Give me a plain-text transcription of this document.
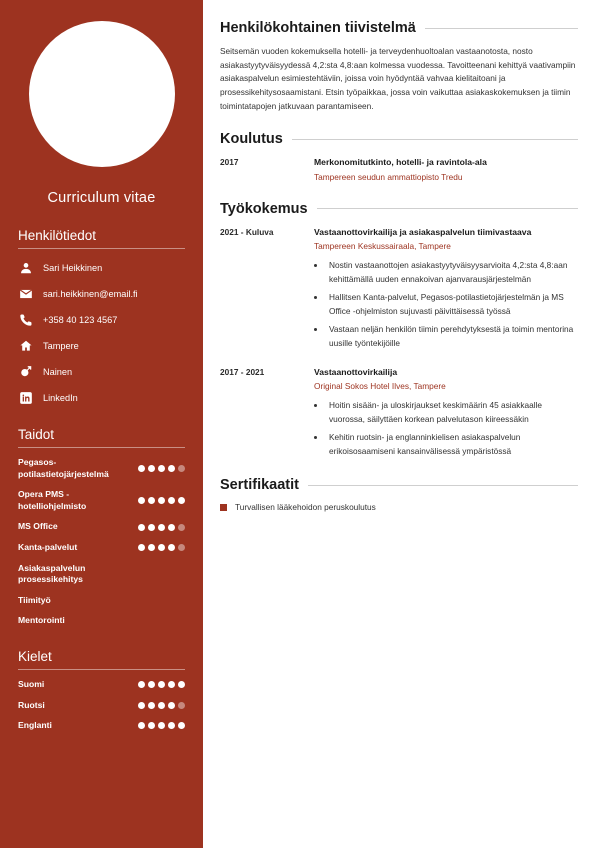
Curriculum vitae
Henkilötiedot
Sari Heikkinen
sari.heikkinen@email.fi
+358 40 123 4567
Tampere
Nainen
LinkedIn
Taidot
Pegasos-potilastietojärjestelmä
Opera PMS - hotelliohjelmisto
MS Office
Kanta-palvelut
Asiakaspalvelun prosessikehitys
Tiimityö
Mentorointi
Kielet
Suomi
Ruotsi
Englanti
Henkilökohtainen tiivistelmä

Seitsemän vuoden kokemuksella hotelli- ja terveydenhuoltoalan vastaanotosta, nosto asiakastyytyväisyydessä 4,2:sta 4,8:aan kolmessa vuodessa. Tavoitteenani kehittyä vaativampiin asiakaspalvelun esimiestehtäviin, joissa voin hyödyntää vahvaa kielitaitoani ja prosessikehitysosaamistani. Etsin työpaikkaa, jossa voin vaikuttaa asiakaskokemuksen ja tiimin toimintatapojen jatkuvaan parantamiseen.

Koulutus
2017	Merkonomitutkinto, hotelli- ja ravintola-ala
Tampereen seudun ammattiopisto Tredu
Työkokemus
2021 - Kuluva	Vastaanottovirkailija ja asiakaspalvelun tiimivastaava
Tampereen Keskussairaala, Tampere
• Nostin vastaanottojen asiakastyytyväisyysarvioita 4,2:sta 4,8:aan kehittämällä uuden ennakoivan ajanvarausjärjestelmän
• Hallitsen Kanta-palvelut, Pegasos-potilastietojärjestelmän ja MS Office -ohjelmiston sujuvasti päivittäisessä työssä
• Vastaan neljän henkilön tiimin perehdytyksestä ja toimin mentorina uusille työntekijöille
2017 - 2021	Vastaanottovirkailija
Original Sokos Hotel Ilves, Tampere
• Hoitin sisään- ja uloskirjaukset keskimäärin 45 asiakkaalle vuorossa, säilyttäen korkean palvelutason kiireessäkin
• Kehitin ruotsin- ja englanninkielisen asiakaspalvelun erikoisosaamiseni kansainvälisessä ympäristössä
Sertifikaatit
Turvallisen lääkehoidon peruskoulutus
